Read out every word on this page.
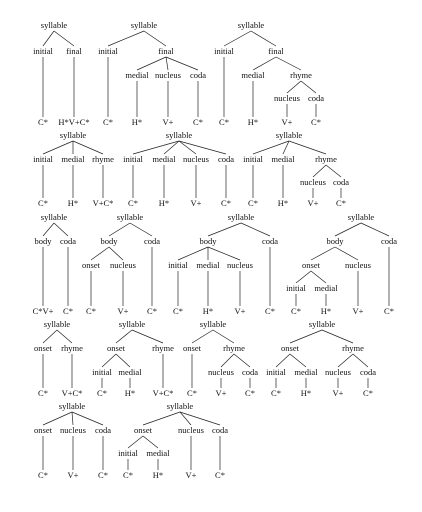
syllable
initial
C*
final
H*V+C*
syllable
initial
C*
final
medial
H*
nucleus
V+
coda
C*
syllable
initial
C*
final
medial
H*
rhyme
nucleus
V+
coda
C*
syllable
initial
C*
medial
H*
rhyme
V+C*
syllable
initial
C*
medial
H*
nucleus
V+
coda
C*
syllable
initial
C*
medial
H*
rhyme
nucleus
V+
coda
C*
syllable
body
C*V+
coda
C*
syllable
body
onset
C*
nucleus
V+
coda
C*
syllable
body
initial
C*
medial
H*
nucleus
V+
coda
C*
syllable
body
onset
initial
C*
medial
H*
nucleus
V+
coda
C*
syllable
onset
C*
rhyme
V+C*
syllable
onset
initial
C*
medial
H*
rhyme
V+C*
syllable
onset
C*
rhyme
nucleus
V+
coda
C*
syllable
onset
initial
C*
medial
H*
rhyme
nucleus
V+
coda
C*
syllable
onset
C*
nucleus
V+
coda
C*
syllable
onset
initial
C*
medial
H*
nucleus
V+
coda
C*
